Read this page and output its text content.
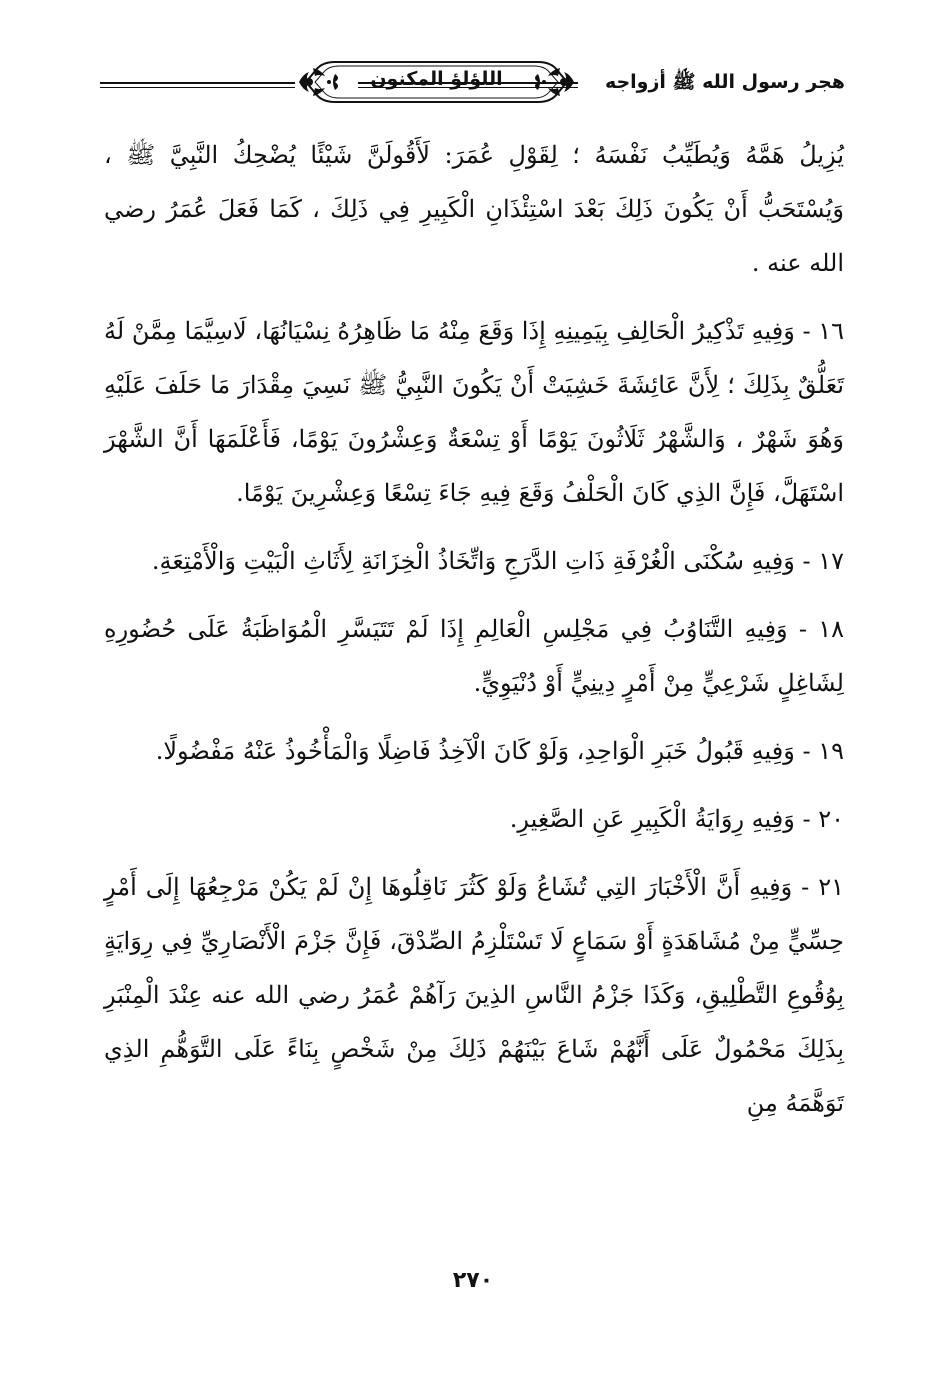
هجر رسول الله ﷺ أزواجه
اللؤلؤ المكنون

يُزِيلُ هَمَّهُ وَيُطَيِّبُ نَفْسَهُ ؛ لِقَوْلِ عُمَرَ: لَأَقُولَنَّ شَيْئًا يُضْحِكُ النَّبِيَّ ﷺ ، وَيُسْتَحَبُّ أَنْ يَكُونَ ذَلِكَ بَعْدَ اسْتِئْذَانِ الْكَبِيرِ فِي ذَلِكَ ، كَمَا فَعَلَ عُمَرُ رضي الله عنه .

١٦ - وَفِيهِ تَذْكِيرُ الْحَالِفِ بِيَمِينِهِ إِذَا وَقَعَ مِنْهُ مَا ظَاهِرُهُ نِسْيَانُهَا، لَاسِيَّمَا مِمَّنْ لَهُ تَعَلُّقٌ بِذَلِكَ ؛ لِأَنَّ عَائِشَةَ خَشِيَتْ أَنْ يَكُونَ النَّبِيُّ ﷺ نَسِيَ مِقْدَارَ مَا حَلَفَ عَلَيْهِ وَهُوَ شَهْرٌ ، وَالشَّهْرُ ثَلَاثُونَ يَوْمًا أَوْ تِسْعَةٌ وَعِشْرُونَ يَوْمًا، فَأَعْلَمَهَا أَنَّ الشَّهْرَ اسْتَهَلَّ، فَإِنَّ الذِي كَانَ الْحَلْفُ وَقَعَ فِيهِ جَاءَ تِسْعًا وَعِشْرِينَ يَوْمًا.

١٧ - وَفِيهِ سُكْنَى الْغُرْفَةِ ذَاتِ الدَّرَجِ وَاتِّخَاذُ الْخِزَانَةِ لِأَثَاثِ الْبَيْتِ وَالْأَمْتِعَةِ.

١٨ - وَفِيهِ التَّنَاوُبُ فِي مَجْلِسِ الْعَالِمِ إِذَا لَمْ تَتَيَسَّرِ الْمُوَاظَبَةُ عَلَى حُضُورِهِ لِشَاغِلٍ شَرْعِيٍّ مِنْ أَمْرٍ دِينِيٍّ أَوْ دُنْيَوِيٍّ.

١٩ - وَفِيهِ قَبُولُ خَبَرِ الْوَاحِدِ، وَلَوْ كَانَ الْآخِذُ فَاضِلًا وَالْمَأْخُوذُ عَنْهُ مَفْضُولًا.

٢٠ - وَفِيهِ رِوَايَةُ الْكَبِيرِ عَنِ الصَّغِيرِ.

٢١ - وَفِيهِ أَنَّ الْأَخْبَارَ التِي تُشَاعُ وَلَوْ كَثُرَ نَاقِلُوهَا إِنْ لَمْ يَكُنْ مَرْجِعُهَا إِلَى أَمْرٍ حِسِّيٍّ مِنْ مُشَاهَدَةٍ أَوْ سَمَاعٍ لَا تَسْتَلْزِمُ الصِّدْقَ، فَإِنَّ جَزْمَ الْأَنْصَارِيِّ فِي رِوَايَةٍ بِوُقُوعِ التَّطْلِيقِ، وَكَذَا جَزْمُ النَّاسِ الذِينَ رَآهُمْ عُمَرُ رضي الله عنه عِنْدَ الْمِنْبَرِ بِذَلِكَ مَحْمُولٌ عَلَى أَنَّهُمْ شَاعَ بَيْنَهُمْ ذَلِكَ مِنْ شَخْصٍ بِنَاءً عَلَى التَّوَهُّمِ الذِي تَوَهَّمَهُ مِنِ

٢٧٠
